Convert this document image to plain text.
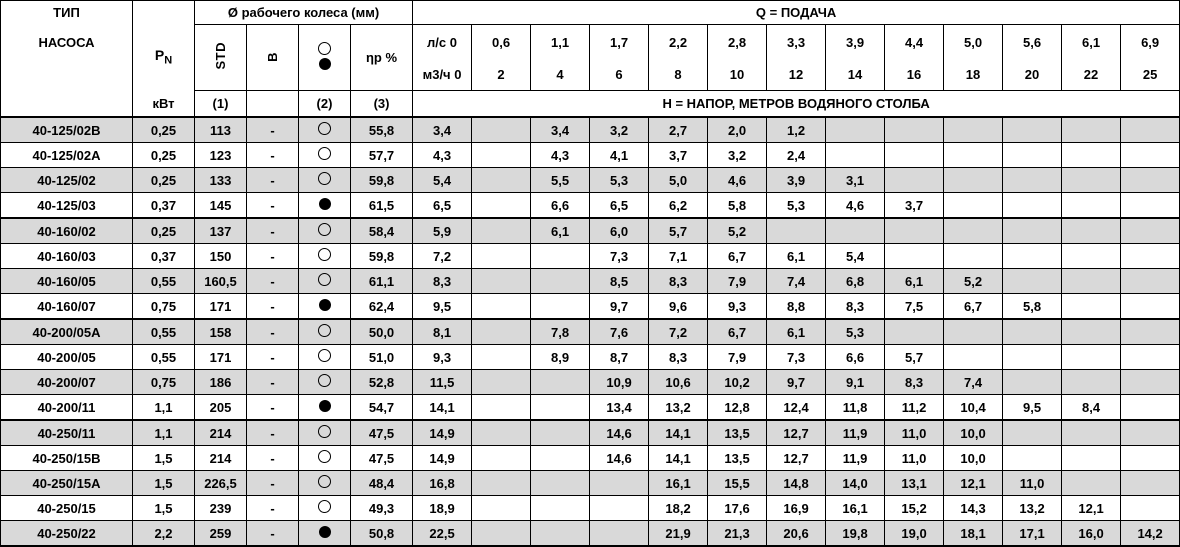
ТИП		Ø рабочего колеса (мм)				Q = ПОДАЧА												
НАСОСА	$P_N$	STD	B		ηp %	л/с 0	0,6	1,1	1,7	2,2	2,8	3,3	3,9	4,4	5,0	5,6	6,1	6,9
						м3/ч 0	2	4	6	8	10	12	14	16	18	20	22	25
	кВт	(1)		(2)	(3)	H = НАПОР, МЕТРОВ ВОДЯНОГО СТОЛБА												
40-125/02B	0,25	113	-		55,8	3,4		3,4	3,2	2,7	2,0	1,2						
40-125/02A	0,25	123	-		57,7	4,3		4,3	4,1	3,7	3,2	2,4						
40-125/02	0,25	133	-		59,8	5,4		5,5	5,3	5,0	4,6	3,9	3,1					
40-125/03	0,37	145	-		61,5	6,5		6,6	6,5	6,2	5,8	5,3	4,6	3,7				
40-160/02	0,25	137	-		58,4	5,9		6,1	6,0	5,7	5,2							
40-160/03	0,37	150	-		59,8	7,2			7,3	7,1	6,7	6,1	5,4					
40-160/05	0,55	160,5	-		61,1	8,3			8,5	8,3	7,9	7,4	6,8	6,1	5,2			
40-160/07	0,75	171	-		62,4	9,5			9,7	9,6	9,3	8,8	8,3	7,5	6,7	5,8		
40-200/05A	0,55	158	-		50,0	8,1		7,8	7,6	7,2	6,7	6,1	5,3					
40-200/05	0,55	171	-		51,0	9,3		8,9	8,7	8,3	7,9	7,3	6,6	5,7				
40-200/07	0,75	186	-		52,8	11,5			10,9	10,6	10,2	9,7	9,1	8,3	7,4			
40-200/11	1,1	205	-		54,7	14,1			13,4	13,2	12,8	12,4	11,8	11,2	10,4	9,5	8,4	
40-250/11	1,1	214	-		47,5	14,9			14,6	14,1	13,5	12,7	11,9	11,0	10,0			
40-250/15B	1,5	214	-		47,5	14,9			14,6	14,1	13,5	12,7	11,9	11,0	10,0			
40-250/15A	1,5	226,5	-		48,4	16,8				16,1	15,5	14,8	14,0	13,1	12,1	11,0		
40-250/15	1,5	239	-		49,3	18,9				18,2	17,6	16,9	16,1	15,2	14,3	13,2	12,1	
40-250/22	2,2	259	-		50,8	22,5				21,9	21,3	20,6	19,8	19,0	18,1	17,1	16,0	14,2
